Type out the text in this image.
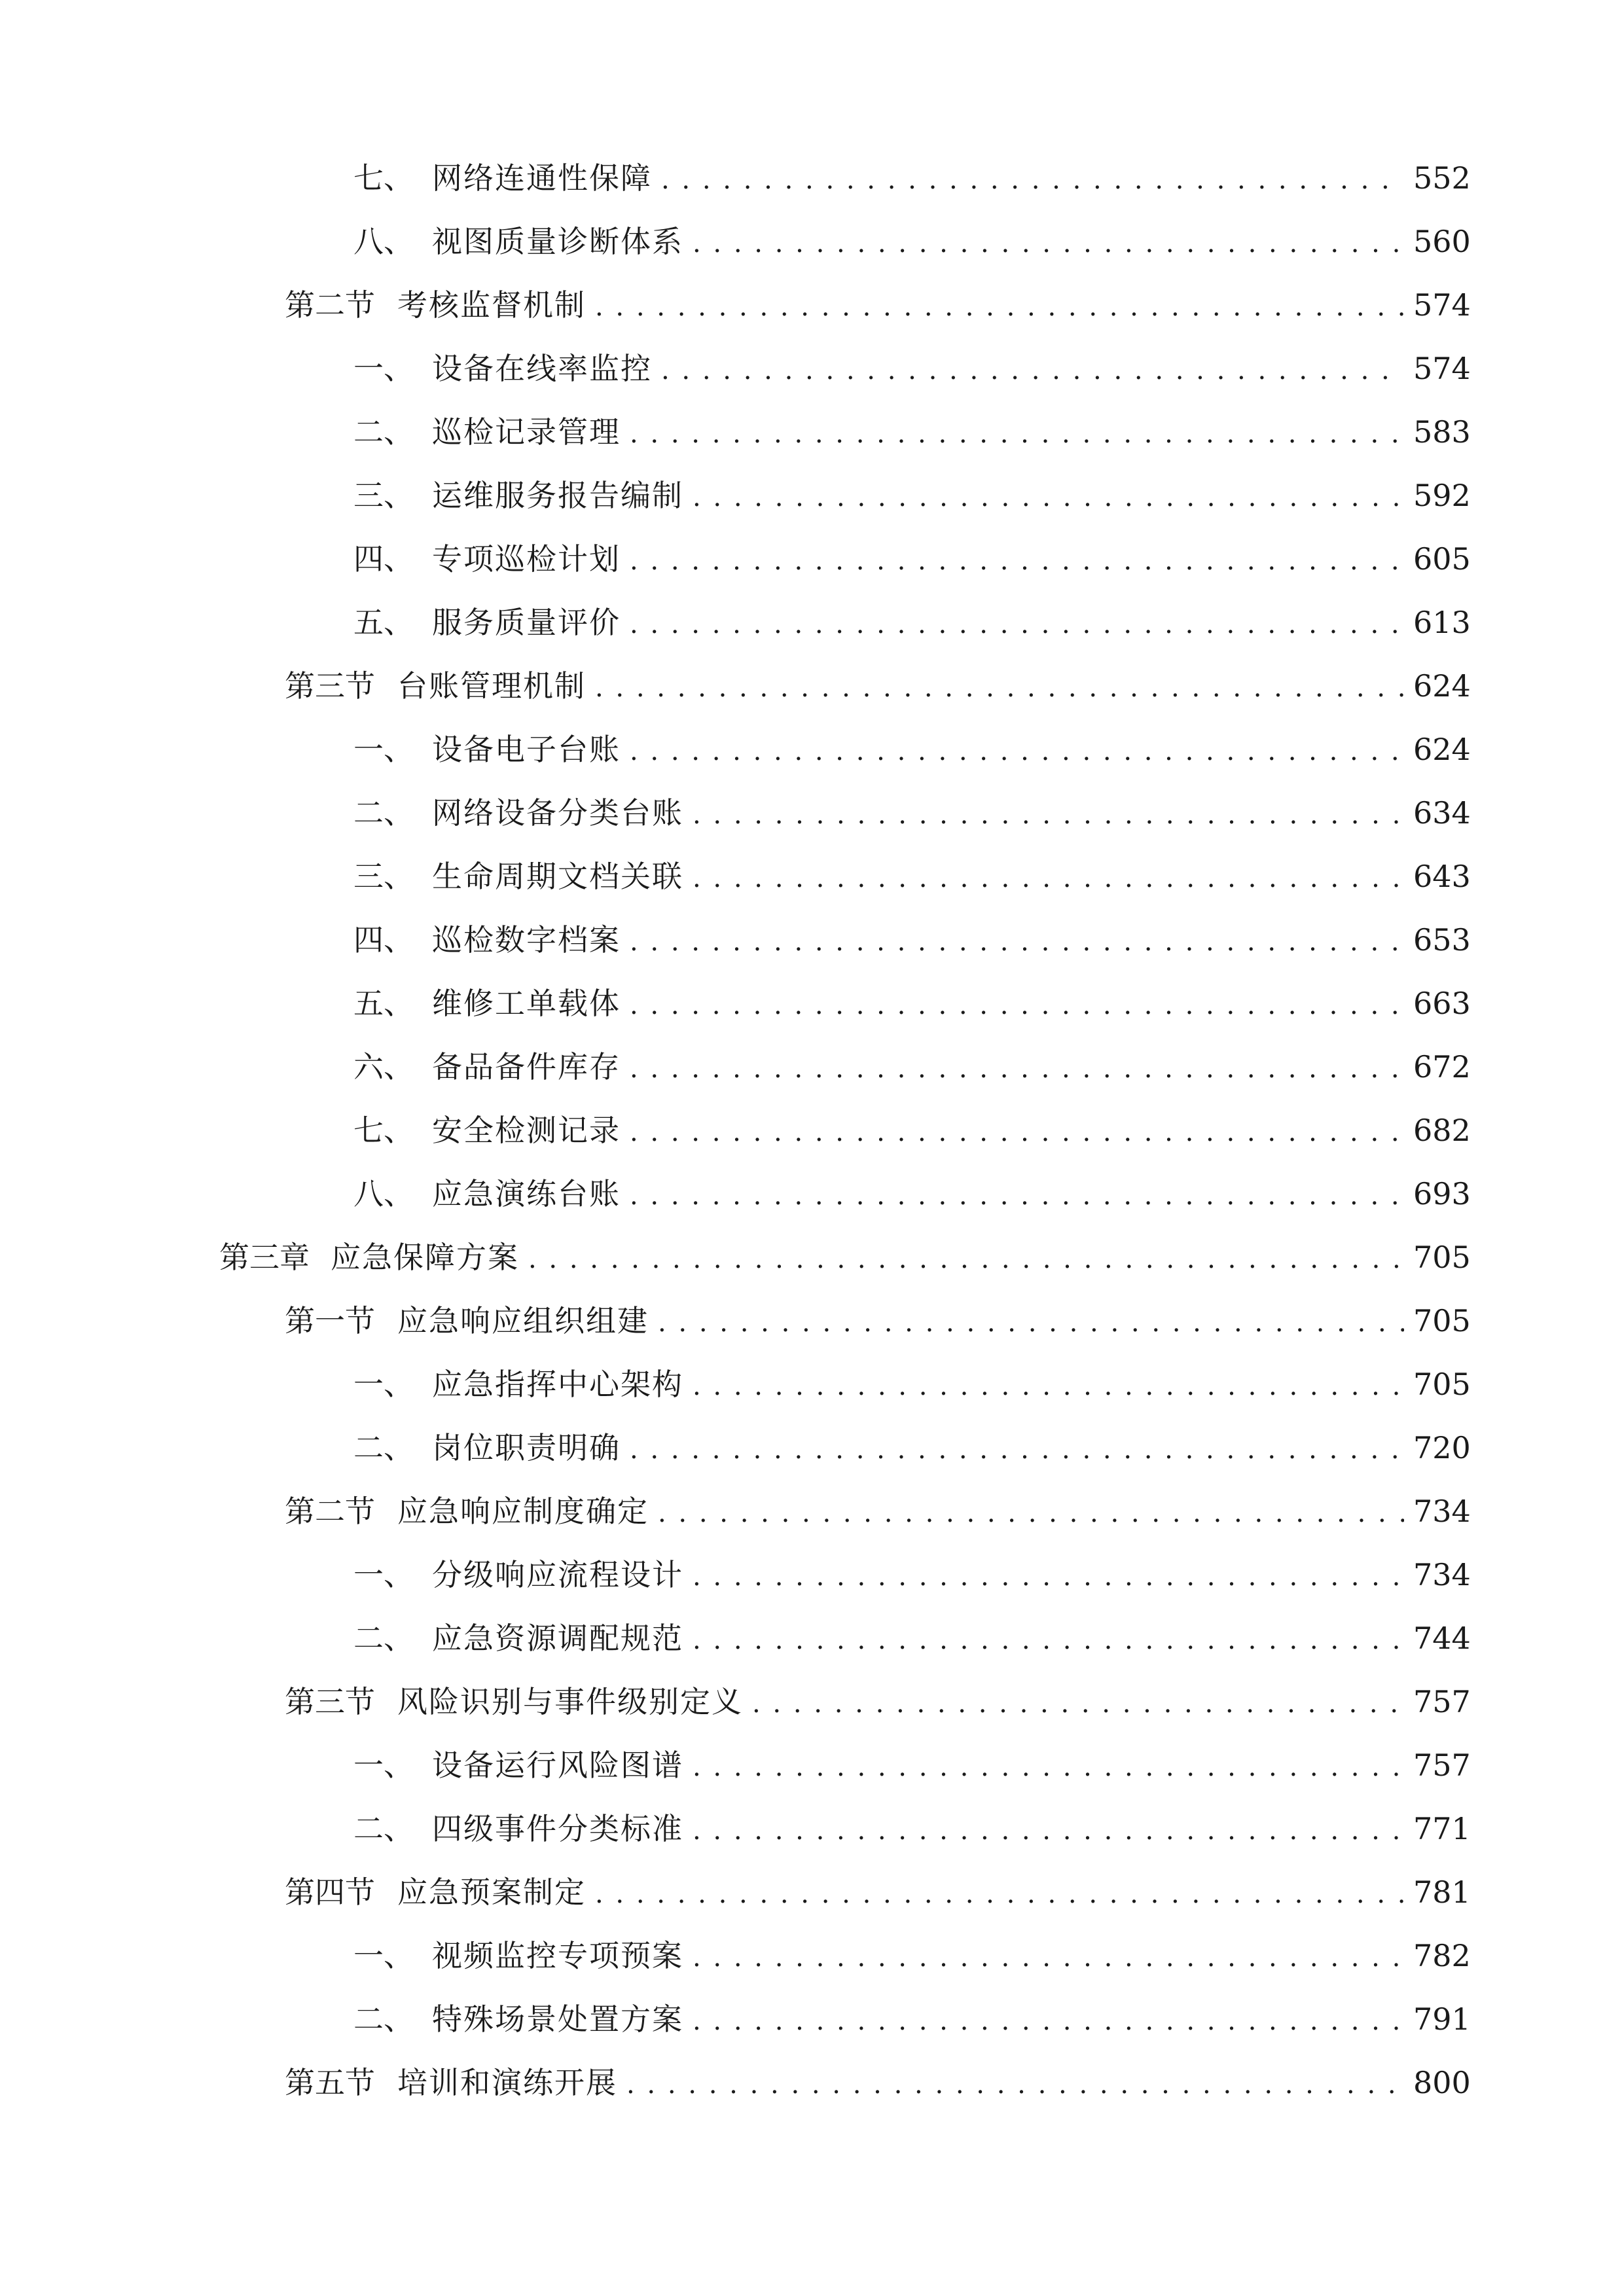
七、 网络连通性保障 . . .	552
八、 视图质量诊断体系 . . .	560
第二节 考核监督机制 . . .	574
一、 设备在线率监控 . . .	574
二、 巡检记录管理 . . .	583
三、 运维服务报告编制 . . .	592
四、 专项巡检计划 . . .	605
五、 服务质量评价 . . .	613
第三节 台账管理机制 . . .	624
一、 设备电子台账 . . .	624
二、 网络设备分类台账 . . .	634
三、 生命周期文档关联 . . .	643
四、 巡检数字档案 . . .	653
五、 维修工单载体 . . .	663
六、 备品备件库存 . . .	672
七、 安全检测记录 . . .	682
八、 应急演练台账 . . .	693
第三章 应急保障方案 . . .	705
第一节 应急响应组织组建 . . .	705
一、 应急指挥中心架构 . . .	705
二、 岗位职责明确 . . .	720
第二节 应急响应制度确定 . . .	734
一、 分级响应流程设计 . . .	734
二、 应急资源调配规范 . . .	744
第三节 风险识别与事件级别定义 . . .	757
一、 设备运行风险图谱 . . .	757
二、 四级事件分类标准 . . .	771
第四节 应急预案制定 . . .	781
一、 视频监控专项预案 . . .	782
二、 特殊场景处置方案 . . .	791
第五节 培训和演练开展 . . .	800
